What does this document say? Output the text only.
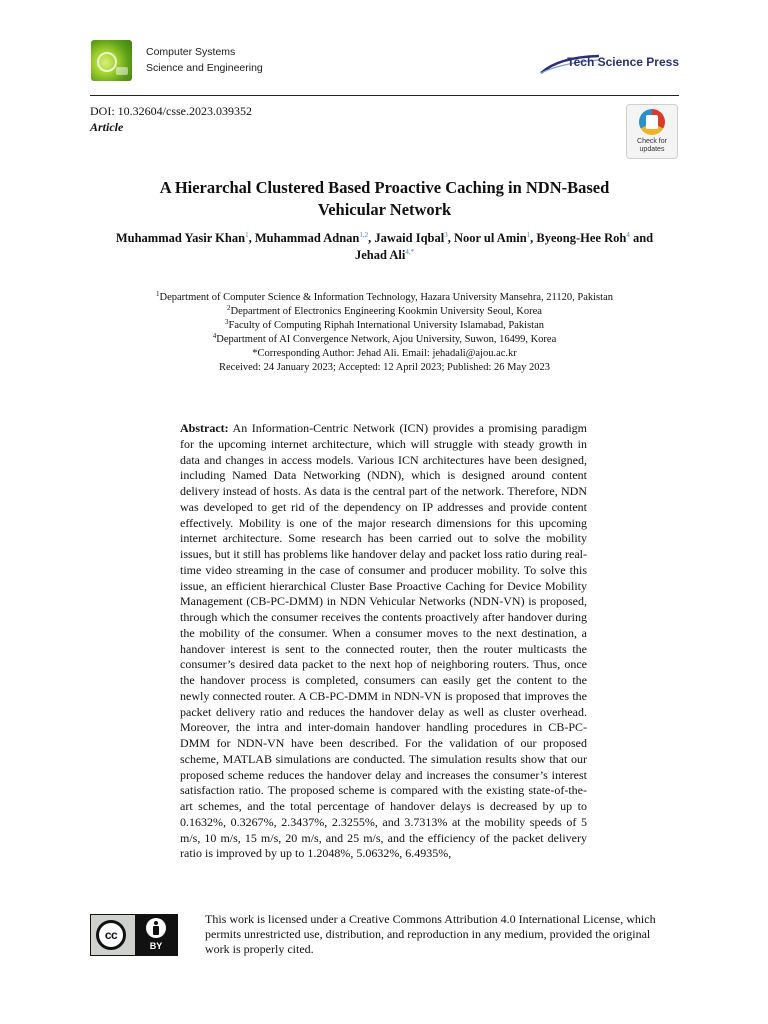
Computer Systems
Science and Engineering	Tech Science Press
DOI: 10.32604/csse.2023.039352
Article
Check for updates
A Hierarchal Clustered Based Proactive Caching in NDN-Based
Vehicular Network
Muhammad Yasir Khan$^1$, Muhammad Adnan$^{1,2}$, Jawaid Iqbal$^3$, Noor ul Amin$^1$, Byeong-Hee Roh$^4$ and
Jehad Ali$^{4,*}$
$^1$Department of Computer Science & Information Technology, Hazara University Mansehra, 21120, Pakistan
$^2$Department of Electronics Engineering Kookmin University Seoul, Korea
$^3$Faculty of Computing Riphah International University Islamabad, Pakistan
$^4$Department of AI Convergence Network, Ajou University, Suwon, 16499, Korea
*Corresponding Author: Jehad Ali. Email: jehadali@ajou.ac.kr
Received: 24 January 2023; Accepted: 12 April 2023; Published: 26 May 2023
Abstract: An Information-Centric Network (ICN) provides a promising paradigm for the upcoming internet architecture, which will struggle with steady growth in data and changes in access models. Various ICN architectures have been designed, including Named Data Networking (NDN), which is designed around content delivery instead of hosts. As data is the central part of the network. Therefore, NDN was developed to get rid of the dependency on IP addresses and provide content effectively. Mobility is one of the major research dimensions for this upcoming internet architecture. Some research has been carried out to solve the mobility issues, but it still has problems like handover delay and packet loss ratio during real-time video streaming in the case of consumer and producer mobility. To solve this issue, an efficient hierarchical Cluster Base Proactive Caching for Device Mobility Management (CB-PC-DMM) in NDN Vehicular Networks (NDN-VN) is proposed, through which the consumer receives the contents proactively after handover during the mobility of the consumer. When a consumer moves to the next destination, a handover interest is sent to the connected router, then the router multicasts the consumer’s desired data packet to the next hop of neighboring routers. Thus, once the handover process is completed, consumers can easily get the content to the newly connected router. A CB-PC-DMM in NDN-VN is proposed that improves the packet delivery ratio and reduces the handover delay as well as cluster overhead. Moreover, the intra and inter-domain handover handling procedures in CB-PC-DMM for NDN-VN have been described. For the validation of our proposed scheme, MATLAB simulations are conducted. The simulation results show that our proposed scheme reduces the handover delay and increases the consumer’s interest satisfaction ratio. The proposed scheme is compared with the existing state-of-the-art schemes, and the total percentage of handover delays is decreased by up to 0.1632%, 0.3267%, 2.3437%, 2.3255%, and 3.7313% at the mobility speeds of 5 m/s, 10 m/s, 15 m/s, 20 m/s, and 25 m/s, and the efficiency of the packet delivery ratio is improved by up to 1.2048%, 5.0632%, 6.4935%,
cc
BY
This work is licensed under a Creative Commons Attribution 4.0 International License, which permits unrestricted use, distribution, and reproduction in any medium, provided the original work is properly cited.
